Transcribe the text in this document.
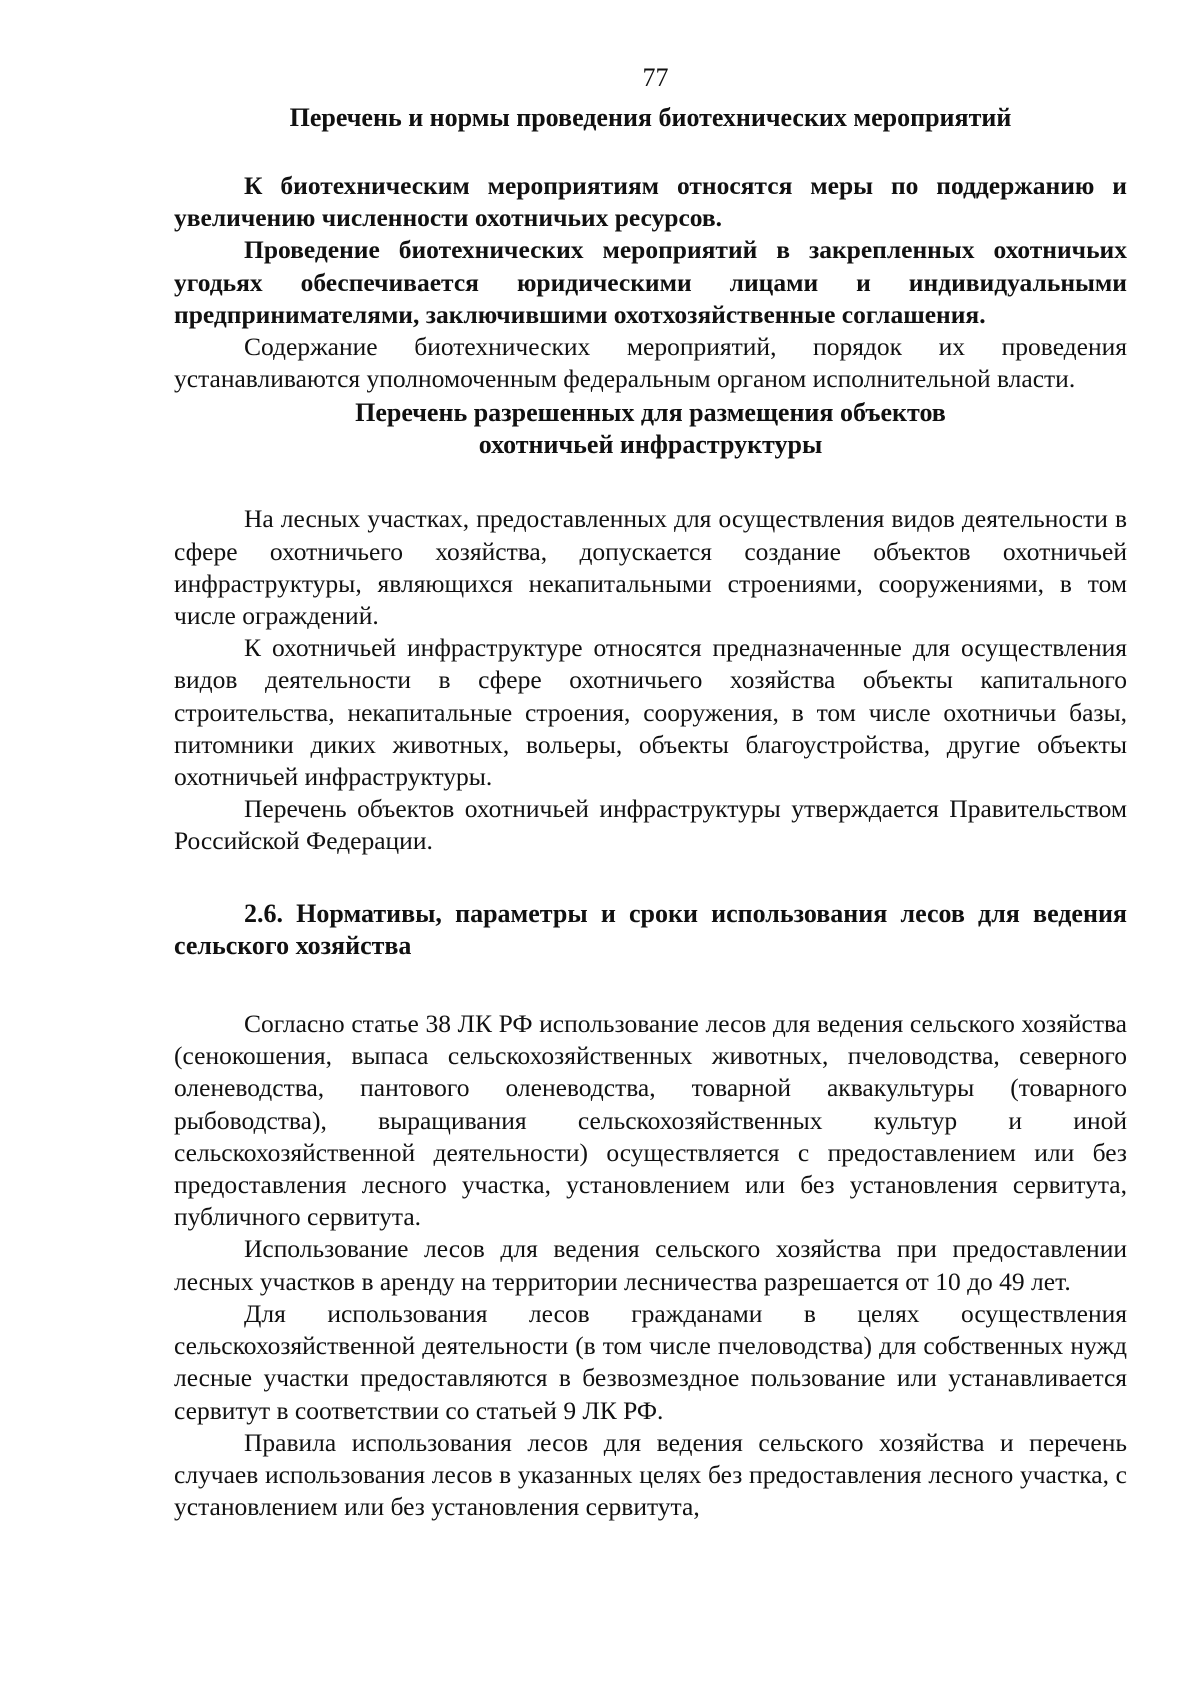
77
Перечень и нормы проведения биотехнических мероприятий

К биотехническим мероприятиям относятся меры по поддержанию и увеличению численности охотничьих ресурсов.

Проведение биотехнических мероприятий в закрепленных охотничьих угодьях обеспечивается юридическими лицами и индивидуальными предпринимателями, заключившими охотхозяйственные соглашения.

Содержание биотехнических мероприятий, порядок их проведения устанавливаются уполномоченным федеральным органом исполнительной власти.

Перечень разрешенных для размещения объектов
охотничьей инфраструктуры

На лесных участках, предоставленных для осуществления видов деятельности в сфере охотничьего хозяйства, допускается создание объектов охотничьей инфраструктуры, являющихся некапитальными строениями, сооружениями, в том числе ограждений.

К охотничьей инфраструктуре относятся предназначенные для осуществления видов деятельности в сфере охотничьего хозяйства объекты капитального строительства, некапитальные строения, сооружения, в том числе охотничьи базы, питомники диких животных, вольеры, объекты благоустройства, другие объекты охотничьей инфраструктуры.

Перечень объектов охотничьей инфраструктуры утверждается Правительством Российской Федерации.

2.6. Нормативы, параметры и сроки использования лесов для ведения сельского хозяйства

Согласно статье 38 ЛК РФ использование лесов для ведения сельского хозяйства (сенокошения, выпаса сельскохозяйственных животных, пчеловодства, северного оленеводства, пантового оленеводства, товарной аквакультуры (товарного рыбоводства), выращивания сельскохозяйственных культур и иной сельскохозяйственной деятельности) осуществляется с предоставлением или без предоставления лесного участка, установлением или без установления сервитута, публичного сервитута.

Использование лесов для ведения сельского хозяйства при предоставлении лесных участков в аренду на территории лесничества разрешается от 10 до 49 лет.

Для использования лесов гражданами в целях осуществления сельскохозяйственной деятельности (в том числе пчеловодства) для собственных нужд лесные участки предоставляются в безвозмездное пользование или устанавливается сервитут в соответствии со статьей 9 ЛК РФ.

Правила использования лесов для ведения сельского хозяйства и перечень случаев использования лесов в указанных целях без предоставления лесного участка, с установлением или без установления сервитута,
